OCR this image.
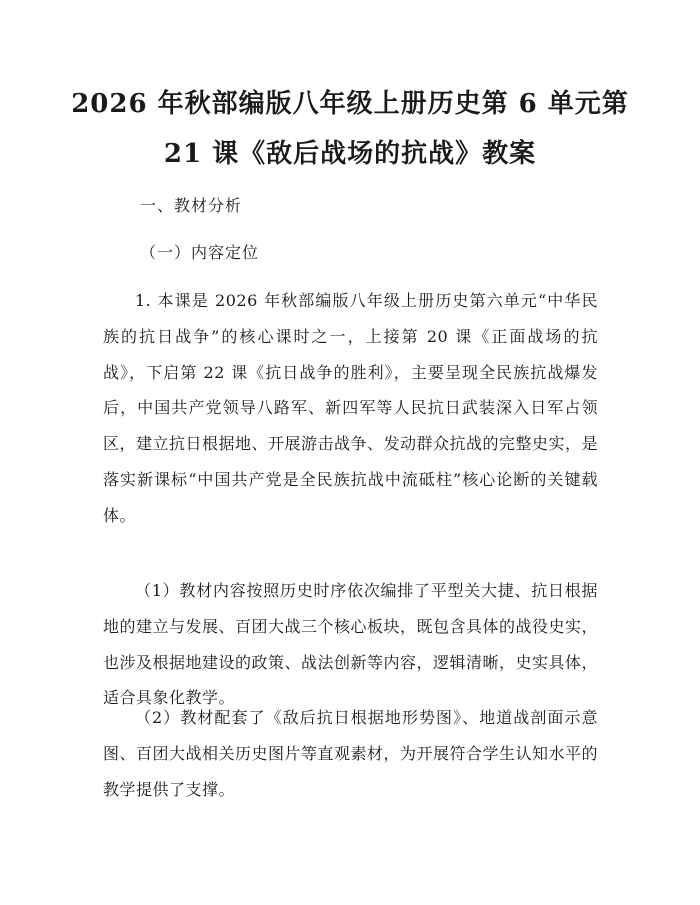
2026 年秋部编版八年级上册历史第 6 单元第
21 课《敌后战场的抗战》教案
一、教材分析
（一）内容定位

1. 本课是 2026 年秋部编版八年级上册历史第六单元“中华民族的抗日战争”的核心课时之一，上接第 20 课《正面战场的抗战》，下启第 22 课《抗日战争的胜利》，主要呈现全民族抗战爆发后，中国共产党领导八路军、新四军等人民抗日武装深入日军占领区，建立抗日根据地、开展游击战争、发动群众抗战的完整史实，是落实新课标“中国共产党是全民族抗战中流砥柱”核心论断的关键载体。

（1）教材内容按照历史时序依次编排了平型关大捷、抗日根据地的建立与发展、百团大战三个核心板块，既包含具体的战役史实，也涉及根据地建设的政策、战法创新等内容，逻辑清晰，史实具体，适合具象化教学。

（2）教材配套了《敌后抗日根据地形势图》、地道战剖面示意图、百团大战相关历史图片等直观素材，为开展符合学生认知水平的教学提供了支撑。
